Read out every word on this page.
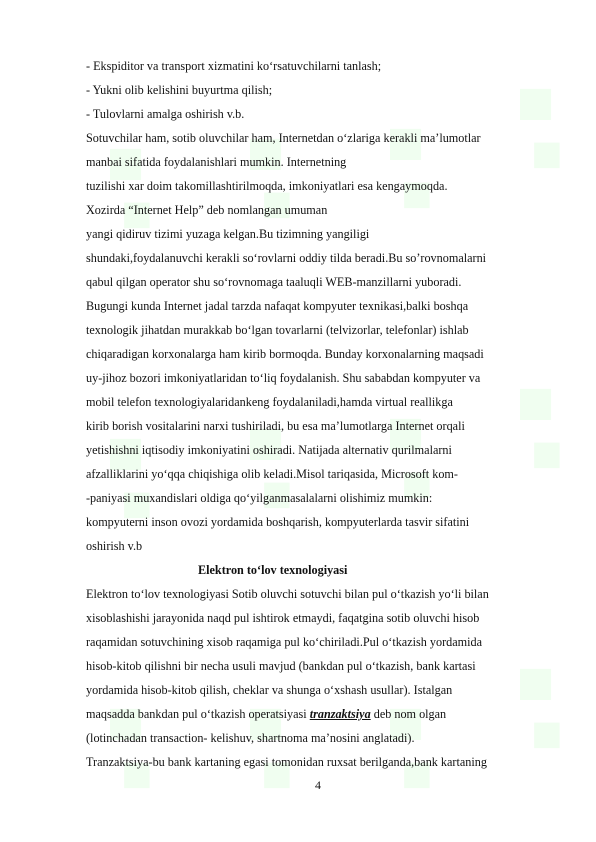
- Ekspiditor va transport xizmatini ko‘rsatuvchilarni tanlash;
- Yukni olib kelishini buyurtma qilish;
- Tulovlarni amalga oshirish v.b.
Sotuvchilar ham, sotib oluvchilar ham, Internetdan o‘zlariga kerakli ma’lumotlar
manbai sifatida foydalanishlari mumkin. Internetning
tuzilishi xar doim takomillashtirilmoqda, imkoniyatlari esa kengaymoqda.
Xozirda “Internet Help” deb nomlangan umuman
yangi qidiruv tizimi yuzaga kelgan.Bu tizimning yangiligi
shundaki,foydalanuvchi kerakli so‘rovlarni oddiy tilda beradi.Bu so’rovnomalarni
qabul qilgan operator shu so‘rovnomaga taaluqli WEB-manzillarni yuboradi.
Bugungi kunda Internet jadal tarzda nafaqat kompyuter texnikasi,balki boshqa
texnologik jihatdan murakkab bo‘lgan tovarlarni (telvizorlar, telefonlar) ishlab
chiqaradigan korxonalarga ham kirib bormoqda. Bunday korxonalarning maqsadi
uy-jihoz bozori imkoniyatlaridan to‘liq foydalanish. Shu sababdan kompyuter va
mobil telefon texnologiyalaridankeng foydalaniladi,hamda virtual reallikga
kirib borish vositalarini narxi tushiriladi, bu esa ma’lumotlarga Internet orqali
yetishishni iqtisodiy imkoniyatini oshiradi. Natijada alternativ qurilmalarni
afzalliklarini yo‘qqa chiqishiga olib keladi.Misol tariqasida, Microsoft kom-
-paniyasi muxandislari oldiga qo‘yilganmasalalarni olishimiz mumkin:
kompyuterni inson ovozi yordamida boshqarish, kompyuterlarda tasvir sifatini
oshirish v.b
Elektron to‘lov texnologiyasi
Elektron to‘lov texnologiyasi Sotib oluvchi sotuvchi bilan pul o‘tkazish yo‘li bilan
xisoblashishi jarayonida naqd pul ishtirok etmaydi, faqatgina sotib oluvchi hisob
raqamidan sotuvchining xisob raqamiga pul ko‘chiriladi.Pul o‘tkazish yordamida
hisob-kitob qilishni bir necha usuli mavjud (bankdan pul o‘tkazish, bank kartasi
yordamida hisob-kitob qilish, cheklar va shunga o‘xshash usullar). Istalgan
maqsadda bankdan pul o‘tkazish operatsiyasi tranzaktsiya deb nom olgan
(lotinchadan transaction- kelishuv, shartnoma ma’nosini anglatadi).
Tranzaktsiya-bu bank kartaning egasi tomonidan ruxsat berilganda,bank kartaning
4
